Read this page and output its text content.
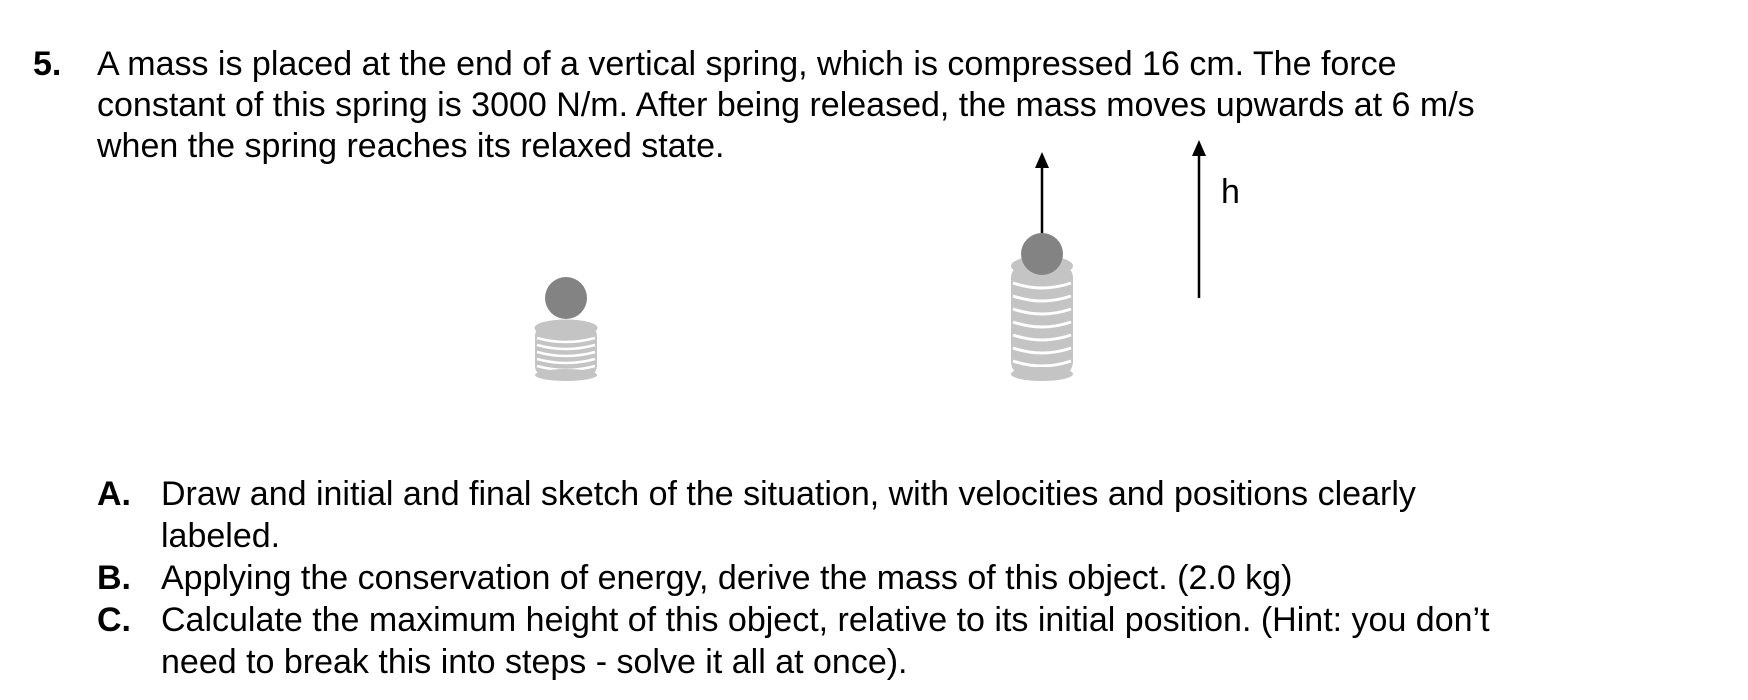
5. A mass is placed at the end of a vertical spring, which is compressed 16 cm. The force
constant of this spring is 3000 N/m. After being released, the mass moves upwards at 6 m/s
when the spring reaches its relaxed state.
h
A. Draw and initial and final sketch of the situation, with velocities and positions clearly
labeled.
B. Applying the conservation of energy, derive the mass of this object. (2.0 kg)
C. Calculate the maximum height of this object, relative to its initial position. (Hint: you don’t
need to break this into steps - solve it all at once).
